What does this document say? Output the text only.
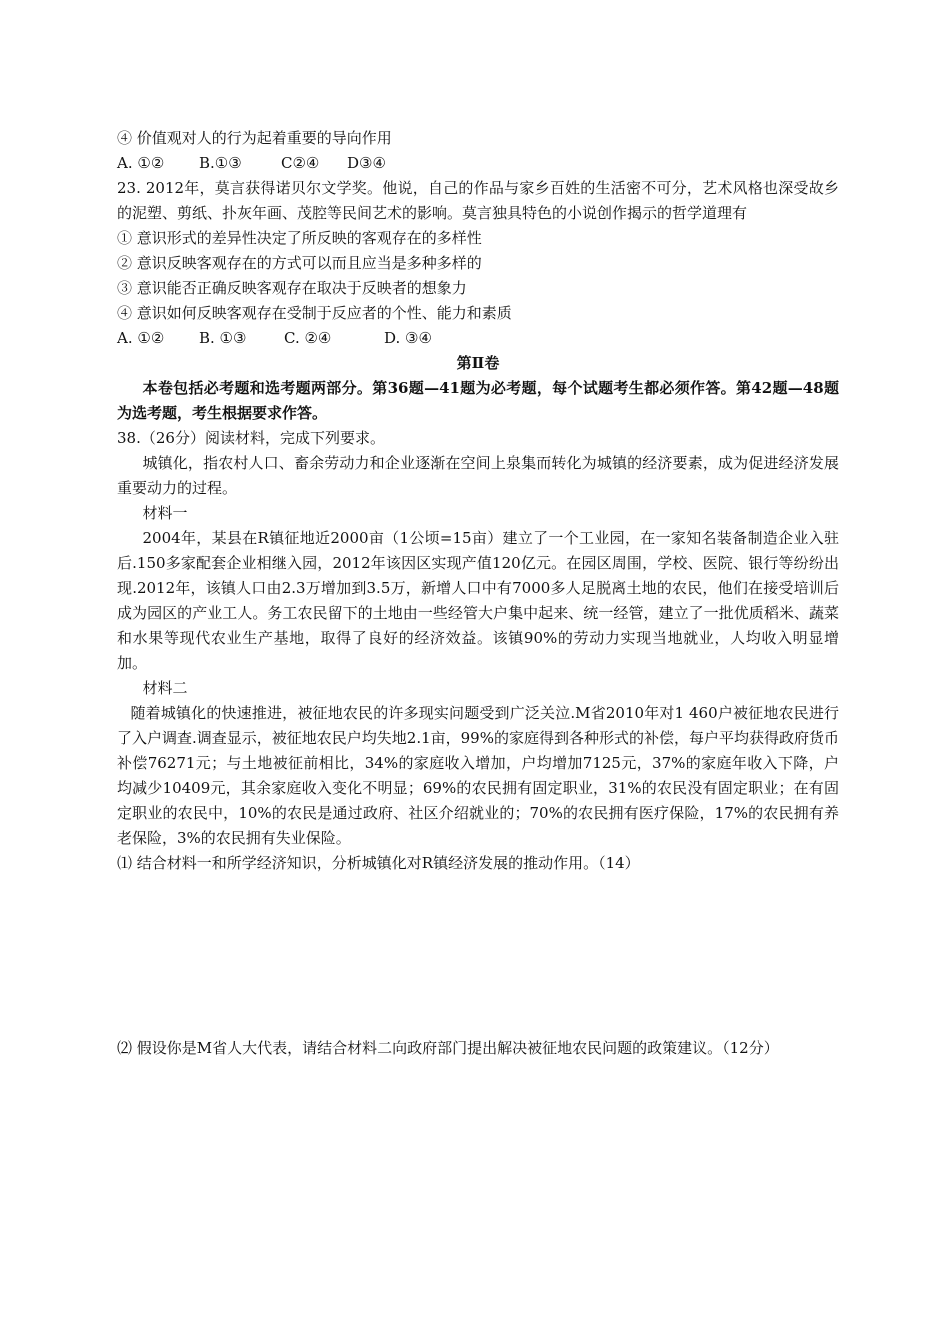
④ 价值观对人的行为起着重要的导向作用
A. ①② B.①③	C②④ D③④
23. 2012年，莫言获得诺贝尔文学奖。他说，自己的作品与家乡百姓的生活密不可分，艺术风格也深受故乡的泥塑、剪纸、扑灰年画、茂腔等民间艺术的影响。莫言独具特色的小说创作揭示的哲学道理有
① 意识形式的差异性决定了所反映的客观存在的多样性
② 意识反映客观存在的方式可以而且应当是多种多样的
③ 意识能否正确反映客观存在取决于反映者的想象力
④ 意识如何反映客观存在受制于反应者的个性、能力和素质
A. ①② B. ①③	C. ②④	D. ③④
第Ⅱ卷
本卷包括必考题和选考题两部分。第36题—41题为必考题，每个试题考生都必须作答。第42题—48题为选考题，考生根据要求作答。
38.（26分）阅读材料，完成下列要求。
城镇化，指农村人口、畜余劳动力和企业逐渐在空间上泉集而转化为城镇的经济要素，成为促进经济发展重要动力的过程。
材料一
2004年，某县在R镇征地近2000亩（1公顷=15亩）建立了一个工业园，在一家知名装备制造企业入驻后.150多家配套企业相继入园，2012年该因区实现产值120亿元。在园区周围，学校、医院、银行等纷纷出现.2012年，该镇人口由2.3万增加到3.5万，新增人口中有7000多人足脱离土地的农民，他们在接受培训后成为园区的产业工人。务工农民留下的土地由一些经管大户集中起来、统一经管，建立了一批优质稻米、蔬菜和水果等现代农业生产基地，取得了良好的经济效益。该镇90%的劳动力实现当地就业，人均收入明显增加。
材料二
随着城镇化的快速推进，被征地农民的许多现实问题受到广泛关泣.M省2010年对1 460户被征地农民进行了入户调查.调查显示，被征地农民户均失地2.1亩，99%的家庭得到各种形式的补偿，每户平均获得政府货币补偿76271元；与土地被征前相比，34%的家庭收入增加，户均增加7125元，37%的家庭年收入下降，户均减少10409元，其余家庭收入变化不明显；69%的农民拥有固定职业，31%的农民没有固定职业；在有固定职业的农民中，10%的农民是通过政府、社区介绍就业的；70%的农民拥有医疗保险，17%的农民拥有养老保险，3%的农民拥有失业保险。
⑴ 结合材料一和所学经济知识，分析城镇化对R镇经济发展的推动作用。（14）
⑵ 假设你是M省人大代表，请结合材料二向政府部门提出解决被征地农民问题的政策建议。（12分）
